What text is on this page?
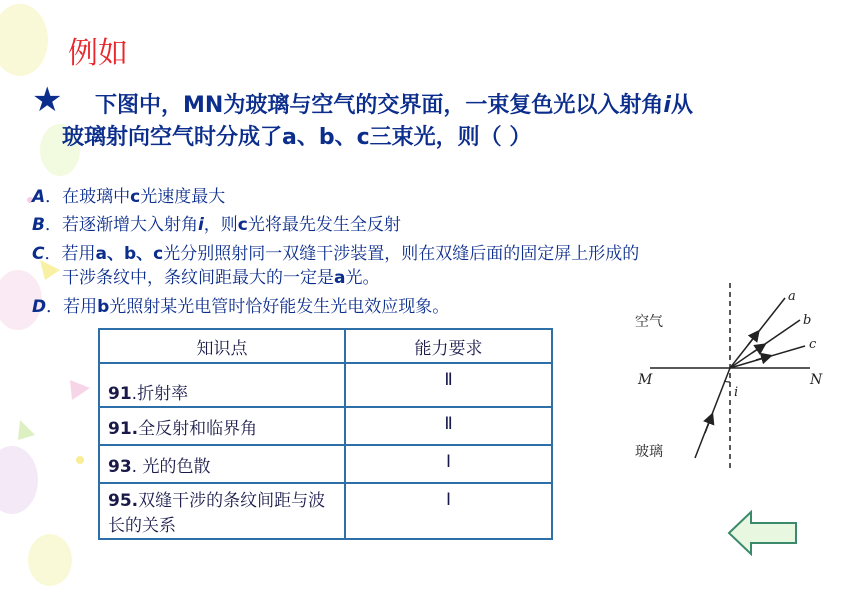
例如
★ 下图中，MN为玻璃与空气的交界面，一束复色光以入射角i从
玻璃射向空气时分成了a、b、c三束光，则（ ）
A．在玻璃中c光速度最大
B．若逐渐增大入射角i，则c光将最先发生全反射
C．若用a、b、c光分别照射同一双缝干涉装置，则在双缝后面的固定屏上形成的
干涉条纹中，条纹间距最大的一定是a光。
D．若用b光照射某光电管时恰好能发生光电效应现象。
知识点	能力要求
91.折射率	Ⅱ
91.全反射和临界角	Ⅱ
93. 光的色散	Ⅰ
95.双缝干涉的条纹间距与波长的关系	Ⅰ
空气
玻璃
M	N
a
b
c
i
